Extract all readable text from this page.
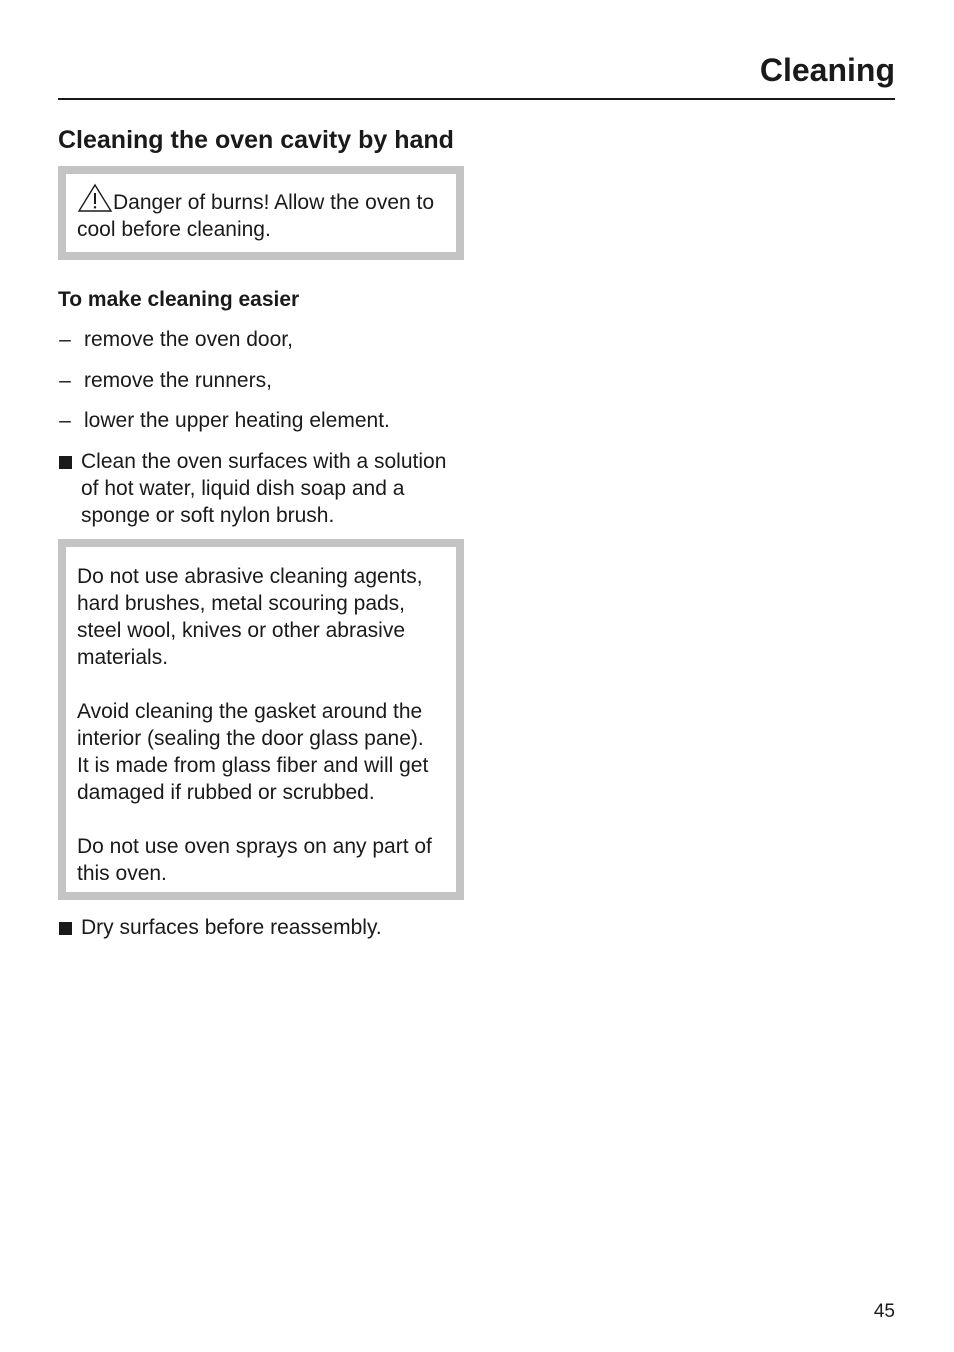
Cleaning
Cleaning the oven cavity by hand
Danger of burns! Allow the oven to cool before cleaning.
To make cleaning easier
– remove the oven door,
– remove the runners,
– lower the upper heating element.
Clean the oven surfaces with a solution of hot water, liquid dish soap and a sponge or soft nylon brush.

Do not use abrasive cleaning agents, hard brushes, metal scouring pads, steel wool, knives or other abrasive materials.

Avoid cleaning the gasket around the interior (sealing the door glass pane).
It is made from glass fiber and will get damaged if rubbed or scrubbed.

Do not use oven sprays on any part of this oven.

Dry surfaces before reassembly.
45
